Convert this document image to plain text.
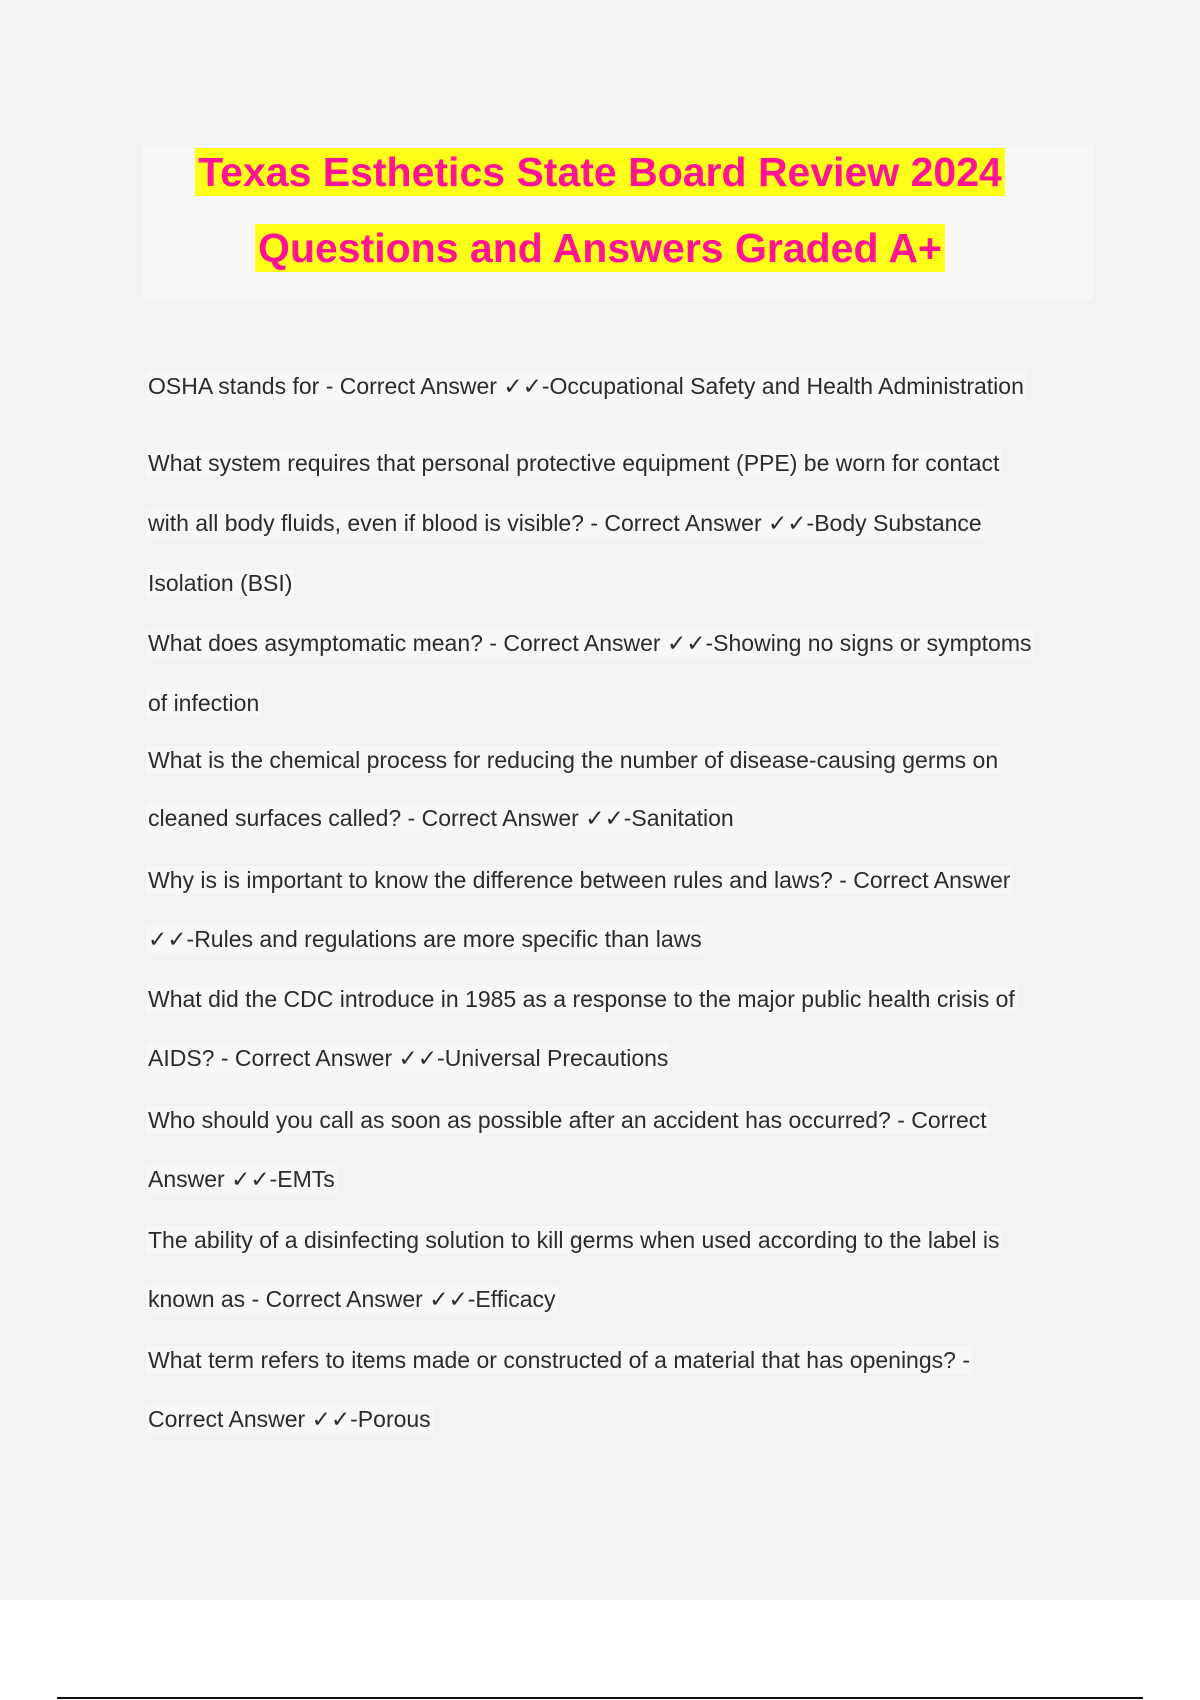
Texas Esthetics State Board Review 2024
Questions and Answers Graded A+
OSHA stands for - Correct Answer ✓✓-Occupational Safety and Health Administration
What system requires that personal protective equipment (PPE) be worn for contact
with all body fluids, even if blood is visible? - Correct Answer ✓✓-Body Substance
Isolation (BSI)
What does asymptomatic mean? - Correct Answer ✓✓-Showing no signs or symptoms
of infection
What is the chemical process for reducing the number of disease-causing germs on
cleaned surfaces called? - Correct Answer ✓✓-Sanitation
Why is is important to know the difference between rules and laws? - Correct Answer
✓✓-Rules and regulations are more specific than laws
What did the CDC introduce in 1985 as a response to the major public health crisis of
AIDS? - Correct Answer ✓✓-Universal Precautions
Who should you call as soon as possible after an accident has occurred? - Correct
Answer ✓✓-EMTs
The ability of a disinfecting solution to kill germs when used according to the label is
known as - Correct Answer ✓✓-Efficacy
What term refers to items made or constructed of a material that has openings? -
Correct Answer ✓✓-Porous
